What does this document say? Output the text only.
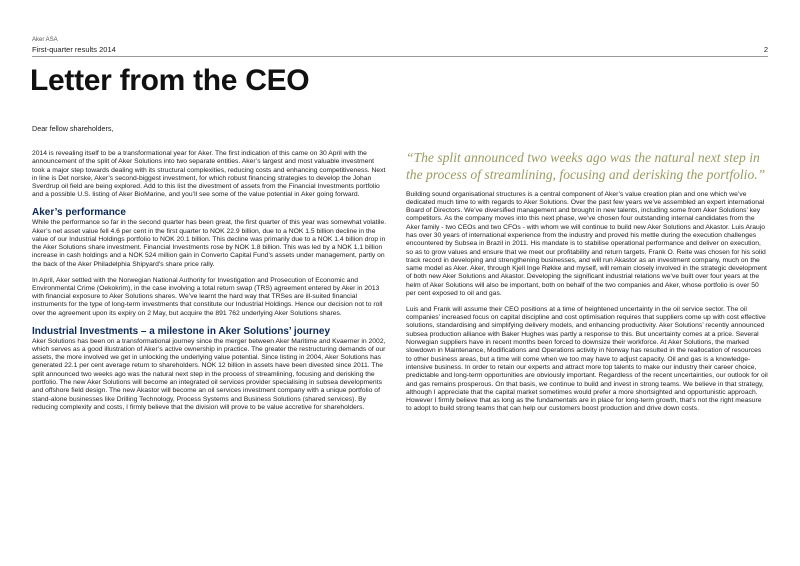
Aker ASA
First-quarter results 2014	2
Letter from the CEO
Dear fellow shareholders,

2014 is revealing itself to be a transformational year for Aker. The first indication of this came on 30 April with the announcement of the split of Aker Solutions into two separate entities. Aker’s largest and most valuable investment took a major step towards dealing with its structural complexities, reducing costs and enhancing competitiveness. Next in line is Det norske, Aker’s second-biggest investment, for which robust financing strategies to develop the Johan Sverdrup oil field are being explored. Add to this list the divestment of assets from the Financial Investments portfolio and a possible U.S. listing of Aker BioMarine, and you’ll see some of the value potential in Aker going forward.

Aker’s performance

While the performance so far in the second quarter has been great, the first quarter of this year was somewhat volatile. Aker’s net asset value fell 4.6 per cent in the first quarter to NOK 22.9 billion, due to a NOK 1.5 billion decline in the value of our Industrial Holdings portfolio to NOK 20.1 billion. This decline was primarily due to a NOK 1.4 billion drop in the Aker Solutions share investment. Financial Investments rose by NOK 1.8 billion. This was led by a NOK 1.1 billion increase in cash holdings and a NOK 524 million gain in Converto Capital Fund’s assets under management, partly on the back of the Aker Philadelphia Shipyard’s share price rally.

In April, Aker settled with the Norwegian National Authority for Investigation and Prosecution of Economic and Environmental Crime (Oekokrim), in the case involving a total return swap (TRS) agreement entered by Aker in 2013 with financial exposure to Aker Solutions shares. We’ve learnt the hard way that TRSes are ill-suited financial instruments for the type of long-term investments that constitute our Industrial Holdings. Hence our decision not to roll over the agreement upon its expiry on 2 May, but acquire the 891 762 underlying Aker Solutions shares.

Industrial Investments – a milestone in Aker Solutions’ journey

Aker Solutions has been on a transformational journey since the merger between Aker Maritime and Kvaerner in 2002, which serves as a good illustration of Aker’s active ownership in practice. The greater the restructuring demands of our assets, the more involved we get in unlocking the underlying value potential. Since listing in 2004, Aker Solutions has generated 22.1 per cent average return to shareholders. NOK 12 billion in assets have been divested since 2011. The split announced two weeks ago was the natural next step in the process of streamlining, focusing and derisking the portfolio. The new Aker Solutions will become an integrated oil services provider specialising in subsea developments and offshore field design. The new Akastor will become an oil services investment company with a unique portfolio of stand-alone businesses like Drilling Technology, Process Systems and Business Solutions (shared services). By reducing complexity and costs, I firmly believe that the division will prove to be value accretive for shareholders.

“The split announced two weeks ago was the natural next step in the process of streamlining, focusing and derisking the portfolio.”

Building sound organisational structures is a central component of Aker’s value creation plan and one which we’ve dedicated much time to with regards to Aker Solutions. Over the past few years we’ve assembled an expert international Board of Directors. We’ve diversified management and brought in new talents, including some from Aker Solutions’ key competitors. As the company moves into this next phase, we’ve chosen four outstanding internal candidates from the Aker family - two CEOs and two CFOs - with whom we will continue to build new Aker Solutions and Akastor. Luis Araujo has over 30 years of international experience from the industry and proved his mettle during the execution challenges encountered by Subsea in Brazil in 2011. His mandate is to stabilise operational performance and deliver on execution, so as to grow values and ensure that we meet our profitability and return targets. Frank O. Reite was chosen for his solid track record in developing and strengthening businesses, and will run Akastor as an investment company, much on the same model as Aker. Aker, through Kjell Inge Røkke and myself, will remain closely involved in the strategic development of both new Aker Solutions and Akastor. Developing the significant industrial relations we’ve built over four years at the helm of Aker Solutions will also be important, both on behalf of the two companies and Aker, whose portfolio is over 50 per cent exposed to oil and gas.

Luis and Frank will assume their CEO positions at a time of heightened uncertainty in the oil service sector. The oil companies’ increased focus on capital discipline and cost optimisation requires that suppliers come up with cost effective solutions, standardising and simplifying delivery models, and enhancing productivity. Aker Solutions’ recently announced subsea production alliance with Baker Hughes was partly a response to this. But uncertainty comes at a price. Several Norwegian suppliers have in recent months been forced to downsize their workforce. At Aker Solutions, the marked slowdown in Maintenance, Modifications and Operations activity in Norway has resulted in the reallocation of resources to other business areas, but a time will come when we too may have to adjust capacity. Oil and gas is a knowledge-intensive business. In order to retain our experts and attract more top talents to make our industry their career choice, predictable and long-term opportunities are obviously important. Regardless of the recent uncertainties, our outlook for oil and gas remains prosperous. On that basis, we continue to build and invest in strong teams. We believe in that strategy, although I appreciate that the capital market sometimes would prefer a more shortsighted and opportunistic approach. However I firmly believe that as long as the fundamentals are in place for long-term growth, that’s not the right measure to adopt to build strong teams that can help our customers boost production and drive down costs.
